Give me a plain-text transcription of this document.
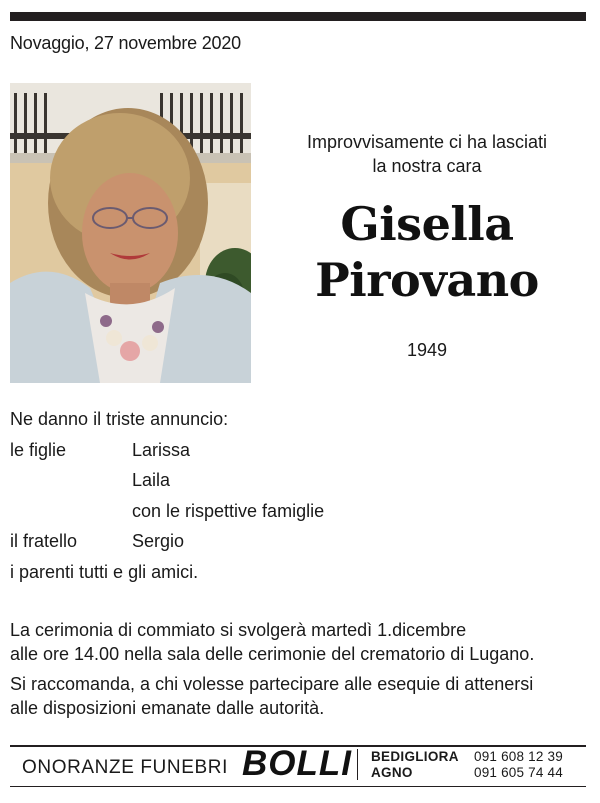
Novaggio, 27 novembre 2020
Improvvisamente ci ha lasciati
la nostra cara
Gisella
Pirovano
1949
Ne danno il triste annuncio:
le figlie	Larissa
Laila
con le rispettive famiglie
il fratello	Sergio
i parenti tutti e gli amici.

La cerimonia di commiato si svolgerà martedì 1.dicembre
alle ore 14.00 nella sala delle cerimonie del crematorio di Lugano.

Si raccomanda, a chi volesse partecipare alle esequie di attenersi
alle disposizioni emanate dalle autorità.

ONORANZE FUNEBRI BOLLI BEDIGLIORA
AGNO
091 608 12 39
091 605 74 44
